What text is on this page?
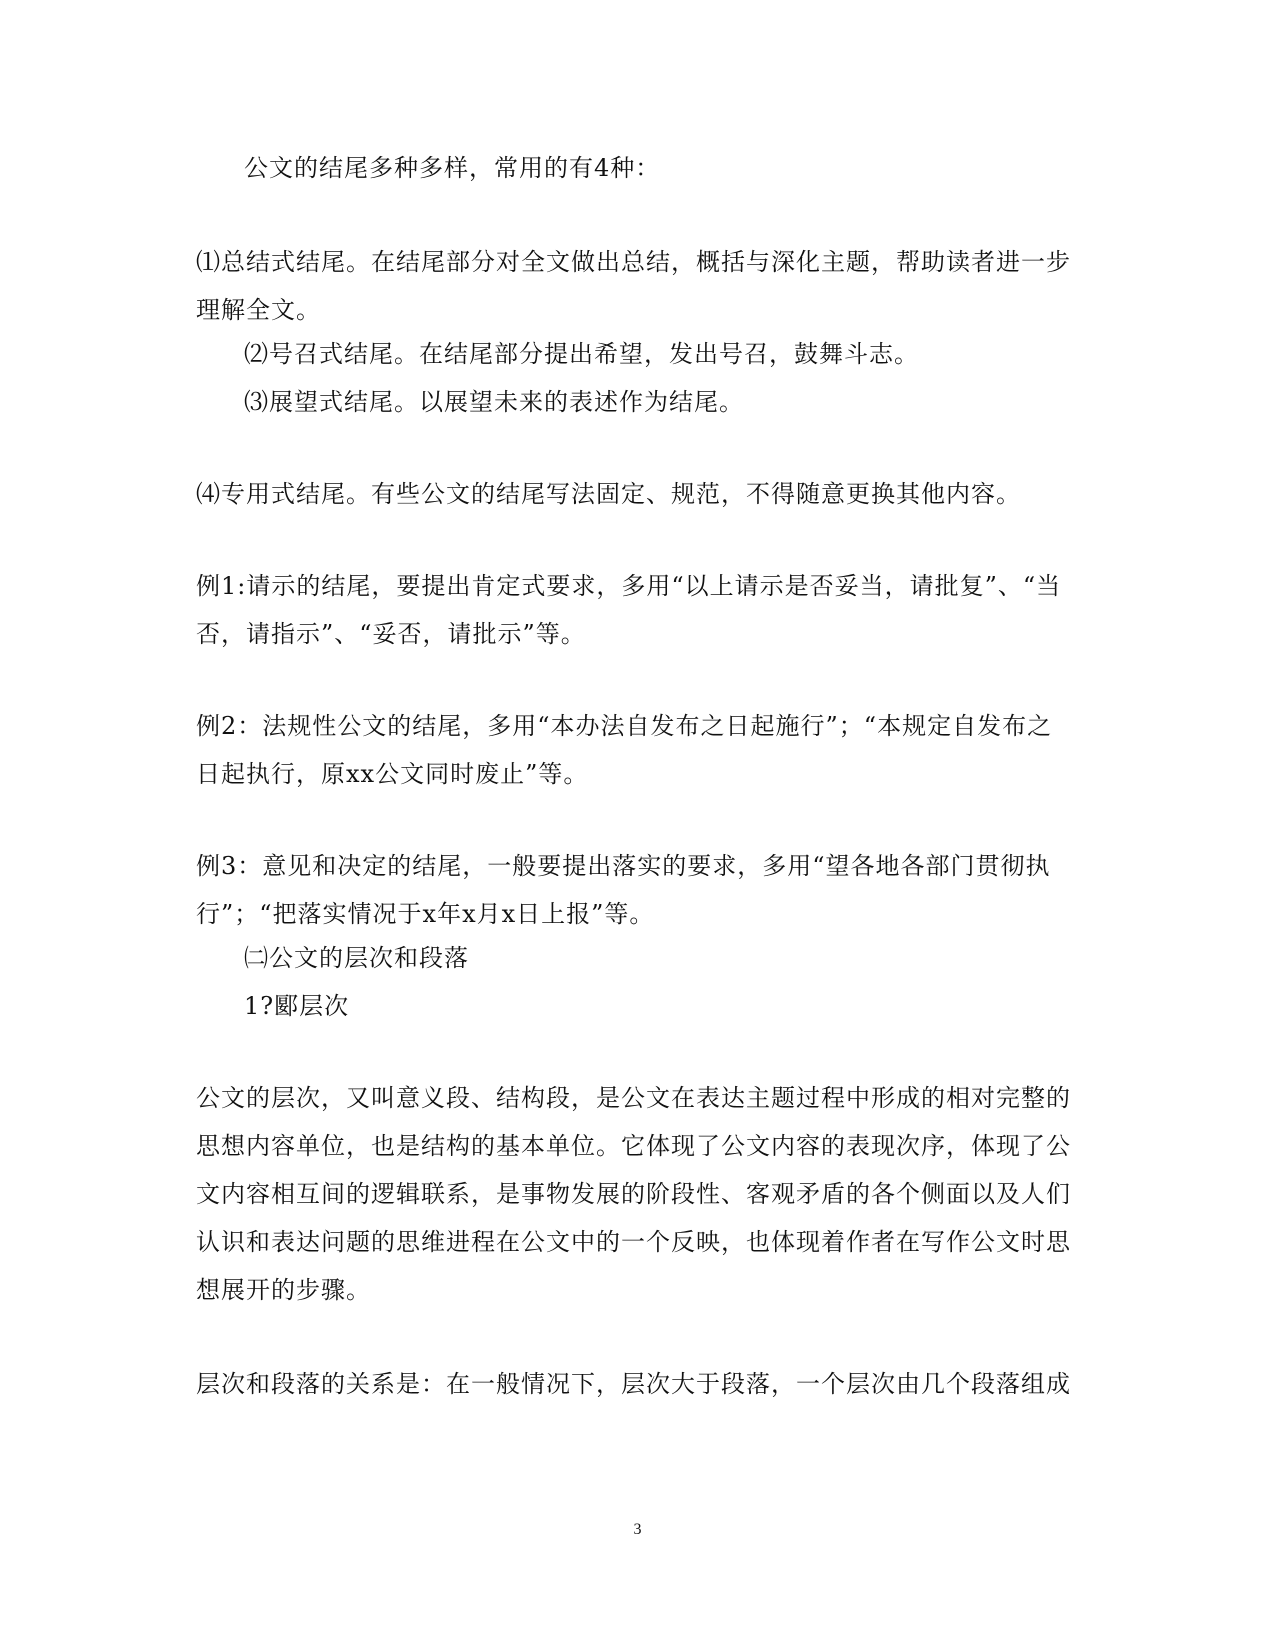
公文的结尾多种多样，常用的有4种：

⑴总结式结尾。在结尾部分对全文做出总结，概括与深化主题，帮助读者进一步理解全文。

⑵号召式结尾。在结尾部分提出希望，发出号召，鼓舞斗志。

⑶展望式结尾。以展望未来的表述作为结尾。

⑷专用式结尾。有些公文的结尾写法固定、规范，不得随意更换其他内容。

例1:请示的结尾，要提出肯定式要求，多用“以上请示是否妥当，请批复”、“当否，请指示”、“妥否，请批示”等。

例2：法规性公文的结尾，多用“本办法自发布之日起施行”；“本规定自发布之日起执行，原xx公文同时废止”等。

例3：意见和决定的结尾，一般要提出落实的要求，多用“望各地各部门贯彻执行”；“把落实情况于x年x月x日上报”等。

㈡公文的层次和段落

1?郾层次

公文的层次，又叫意义段、结构段，是公文在表达主题过程中形成的相对完整的思想内容单位，也是结构的基本单位。它体现了公文内容的表现次序，体现了公文内容相互间的逻辑联系，是事物发展的阶段性、客观矛盾的各个侧面以及人们认识和表达问题的思维进程在公文中的一个反映，也体现着作者在写作公文时思想展开的步骤。

层次和段落的关系是：在一般情况下，层次大于段落，一个层次由几个段落组成

3
